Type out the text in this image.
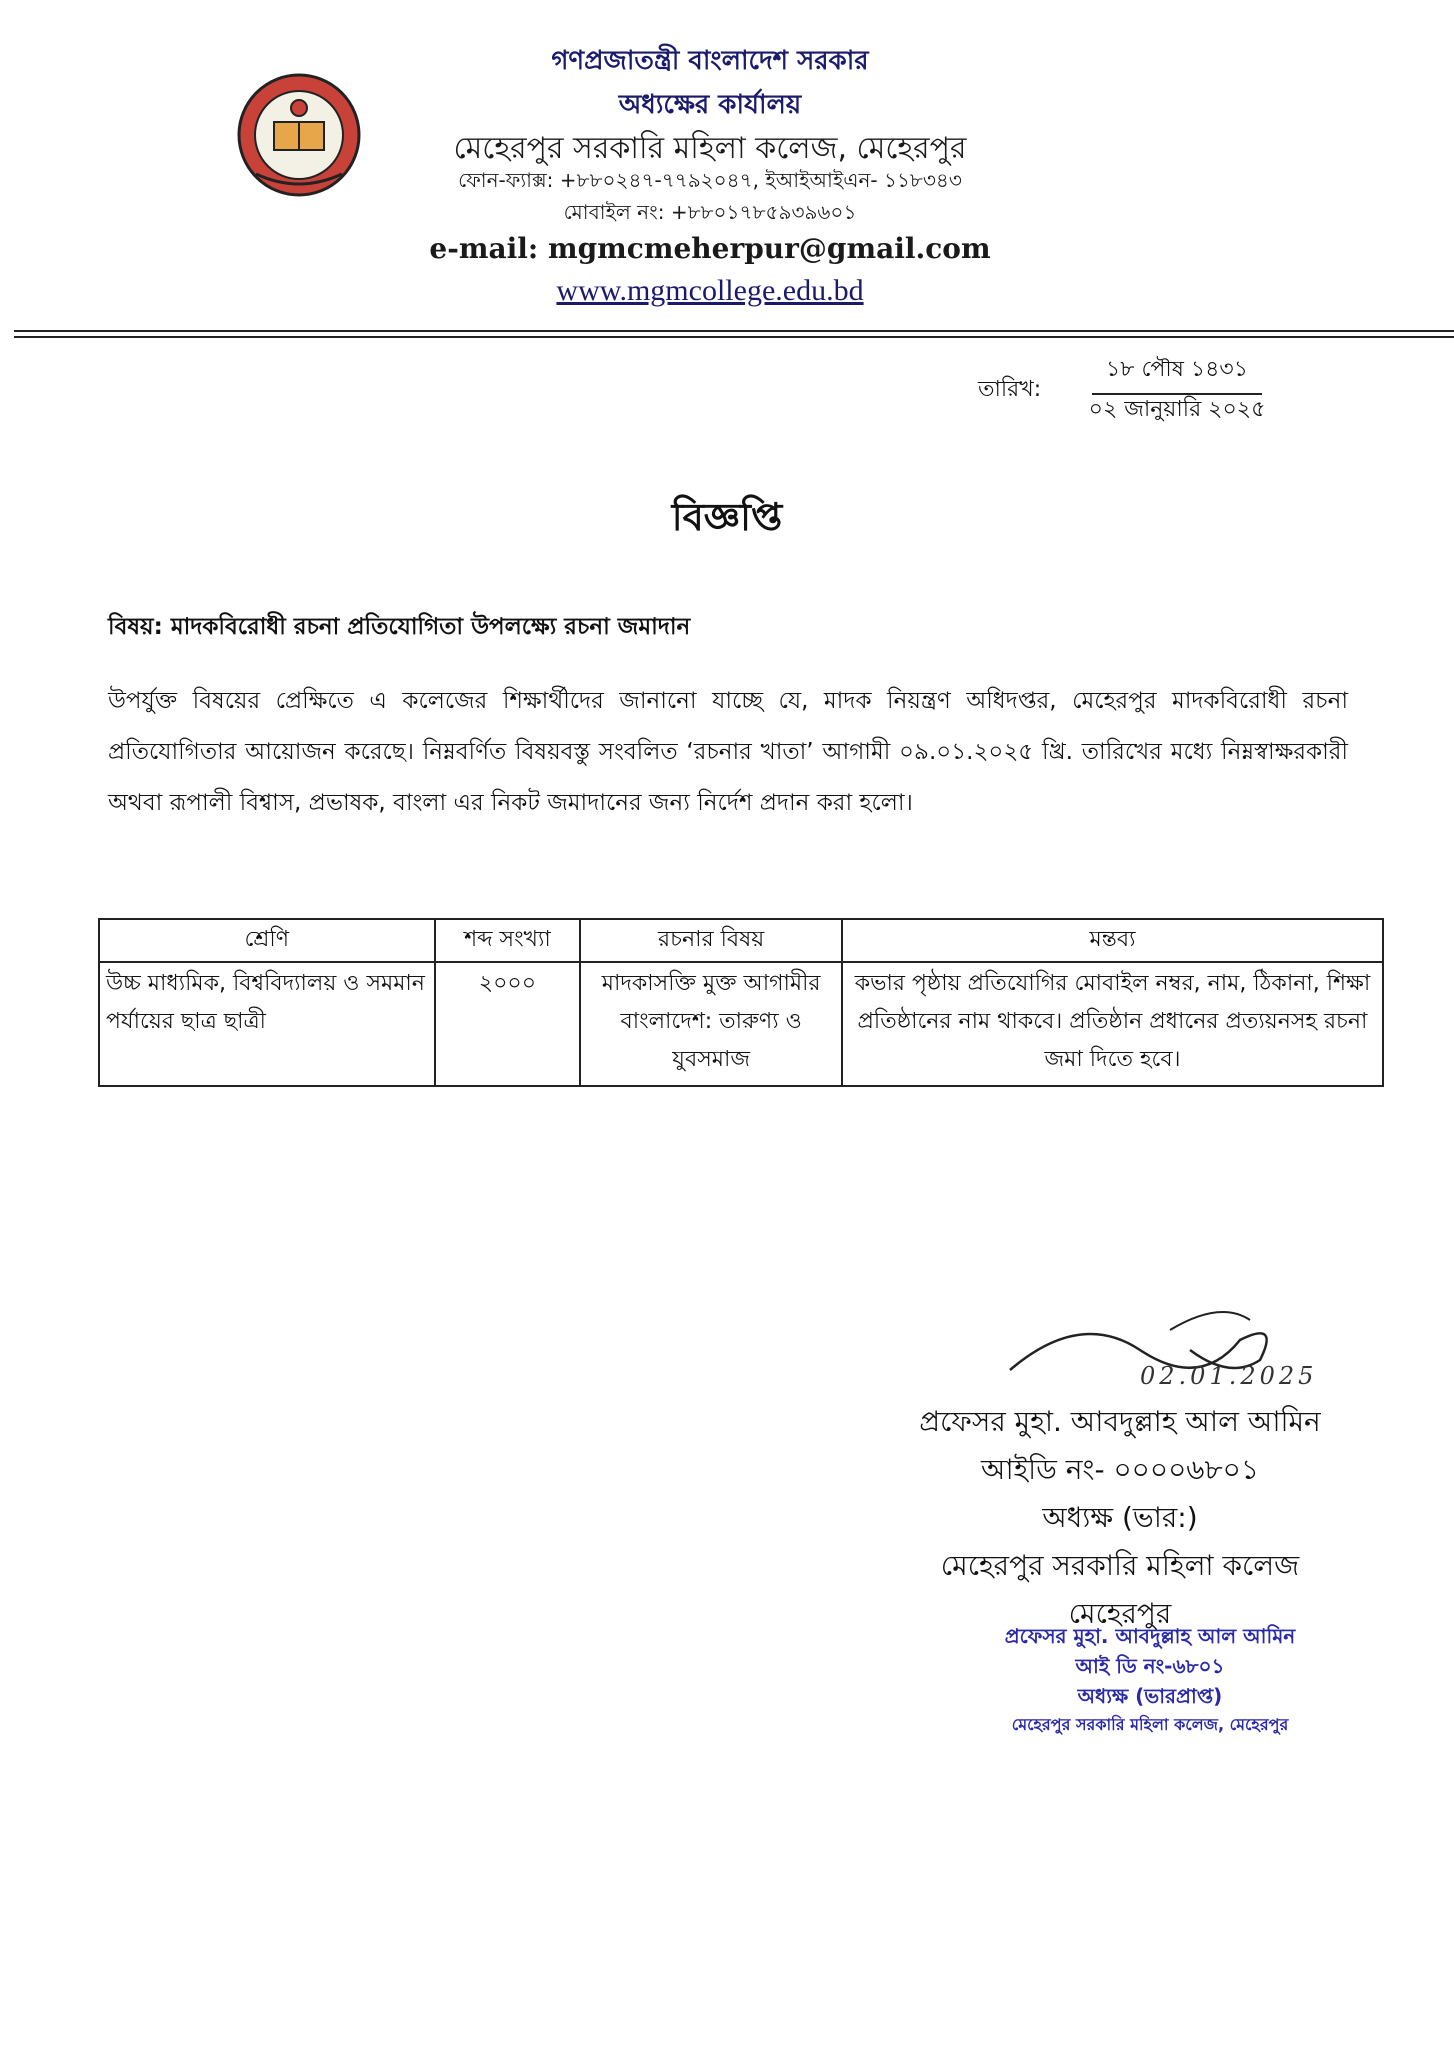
গণপ্রজাতন্ত্রী বাংলাদেশ সরকার
অধ্যক্ষের কার্যালয়
মেহেরপুর সরকারি মহিলা কলেজ, মেহেরপুর
ফোন-ফ্যাক্স: +৮৮০২৪৭-৭৭৯২০৪৭, ইআইআইএন- ১১৮৩৪৩
মোবাইল নং: +৮৮০১৭৮৫৯৩৯৬০১
e-mail: mgmcmeherpur@gmail.com
www.mgmcollege.edu.bd
তারিখ:
১৮ পৌষ ১৪৩১
০২ জানুয়ারি ২০২৫
বিজ্ঞপ্তি
বিষয়: মাদকবিরোধী রচনা প্রতিযোগিতা উপলক্ষ্যে রচনা জমাদান
উপর্যুক্ত বিষয়ের প্রেক্ষিতে এ কলেজের শিক্ষার্থীদের জানানো যাচ্ছে যে, মাদক নিয়ন্ত্রণ অধিদপ্তর, মেহেরপুর মাদকবিরোধী রচনা প্রতিযোগিতার আয়োজন করেছে। নিম্নবর্ণিত বিষয়বস্তু সংবলিত ‘রচনার খাতা’ আগামী ০৯.০১.২০২৫ খ্রি. তারিখের মধ্যে নিম্নস্বাক্ষরকারী অথবা রূপালী বিশ্বাস, প্রভাষক, বাংলা এর নিকট জমাদানের জন্য নির্দেশ প্রদান করা হলো।
শ্রেণি	শব্দ সংখ্যা	রচনার বিষয়	মন্তব্য
উচ্চ মাধ্যমিক, বিশ্ববিদ্যালয় ও সমমান পর্যায়ের ছাত্র ছাত্রী	২০০০	মাদকাসক্তি মুক্ত আগামীর বাংলাদেশ: তারুণ্য ও যুবসমাজ	কভার পৃষ্ঠায় প্রতিযোগির মোবাইল নম্বর, নাম, ঠিকানা, শিক্ষা প্রতিষ্ঠানের নাম থাকবে। প্রতিষ্ঠান প্রধানের প্রত্যয়নসহ রচনা জমা দিতে হবে।
02.01.2025
প্রফেসর মুহা. আবদুল্লাহ আল আমিন
আইডি নং- ০০০০৬৮০১
অধ্যক্ষ (ভার:)
মেহেরপুর সরকারি মহিলা কলেজ
মেহেরপুর
প্রফেসর মুহা. আবদুল্লাহ আল আমিন
আই ডি নং-৬৮০১
অধ্যক্ষ (ভারপ্রাপ্ত)
মেহেরপুর সরকারি মহিলা কলেজ, মেহেরপুর
